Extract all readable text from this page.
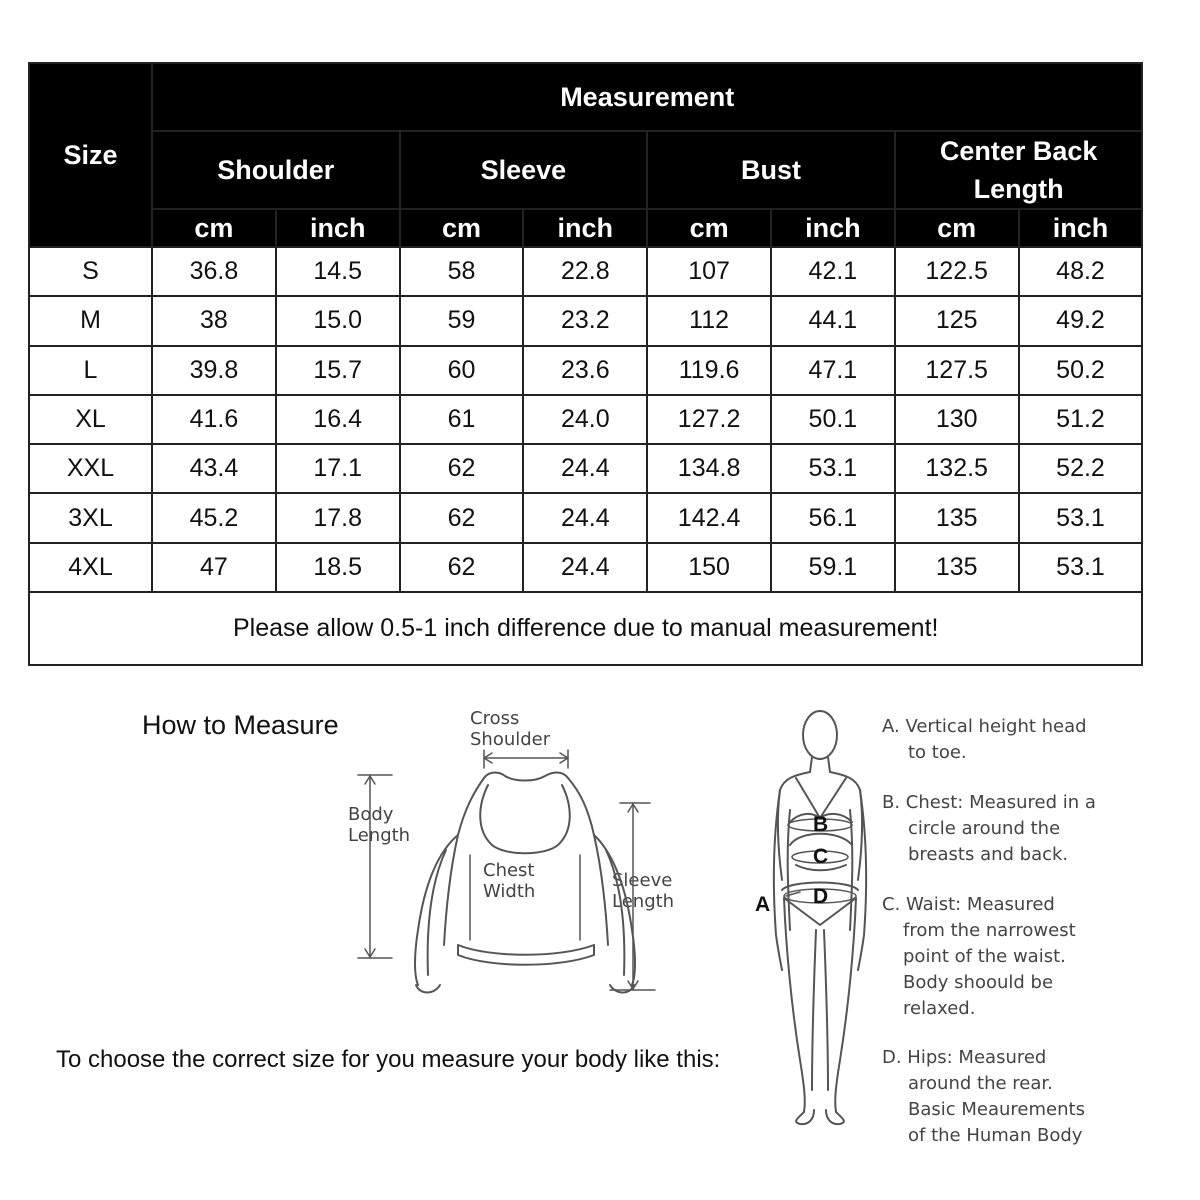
Size	Measurement							
	Shoulder		Sleeve		Bust		Center Back Length	
	cm	inch	cm	inch	cm	inch	cm	inch
S	36.8	14.5	58	22.8	107	42.1	122.5	48.2
M	38	15.0	59	23.2	112	44.1	125	49.2
L	39.8	15.7	60	23.6	119.6	47.1	127.5	50.2
XL	41.6	16.4	61	24.0	127.2	50.1	130	51.2
XXL	43.4	17.1	62	24.4	134.8	53.1	132.5	52.2
3XL	45.2	17.8	62	24.4	142.4	56.1	135	53.1
4XL	47	18.5	62	24.4	150	59.1	135	53.1
Please allow 0.5-1 inch difference due to manual measurement!								
How to Measure
To choose the correct size for you measure your body like this:
Cross
Shoulder
Body
Length
Chest
Width
Sleeve
Length	A
B
C
D
A. Vertical height head
to toe.
B. Chest: Measured in a
circle around the
breasts and back.
C. Waist: Measured
from the narrowest
point of the waist.
Body shoould be
relaxed.
D. Hips: Measured
around the rear.
Basic Meaurements
of the Human Body
